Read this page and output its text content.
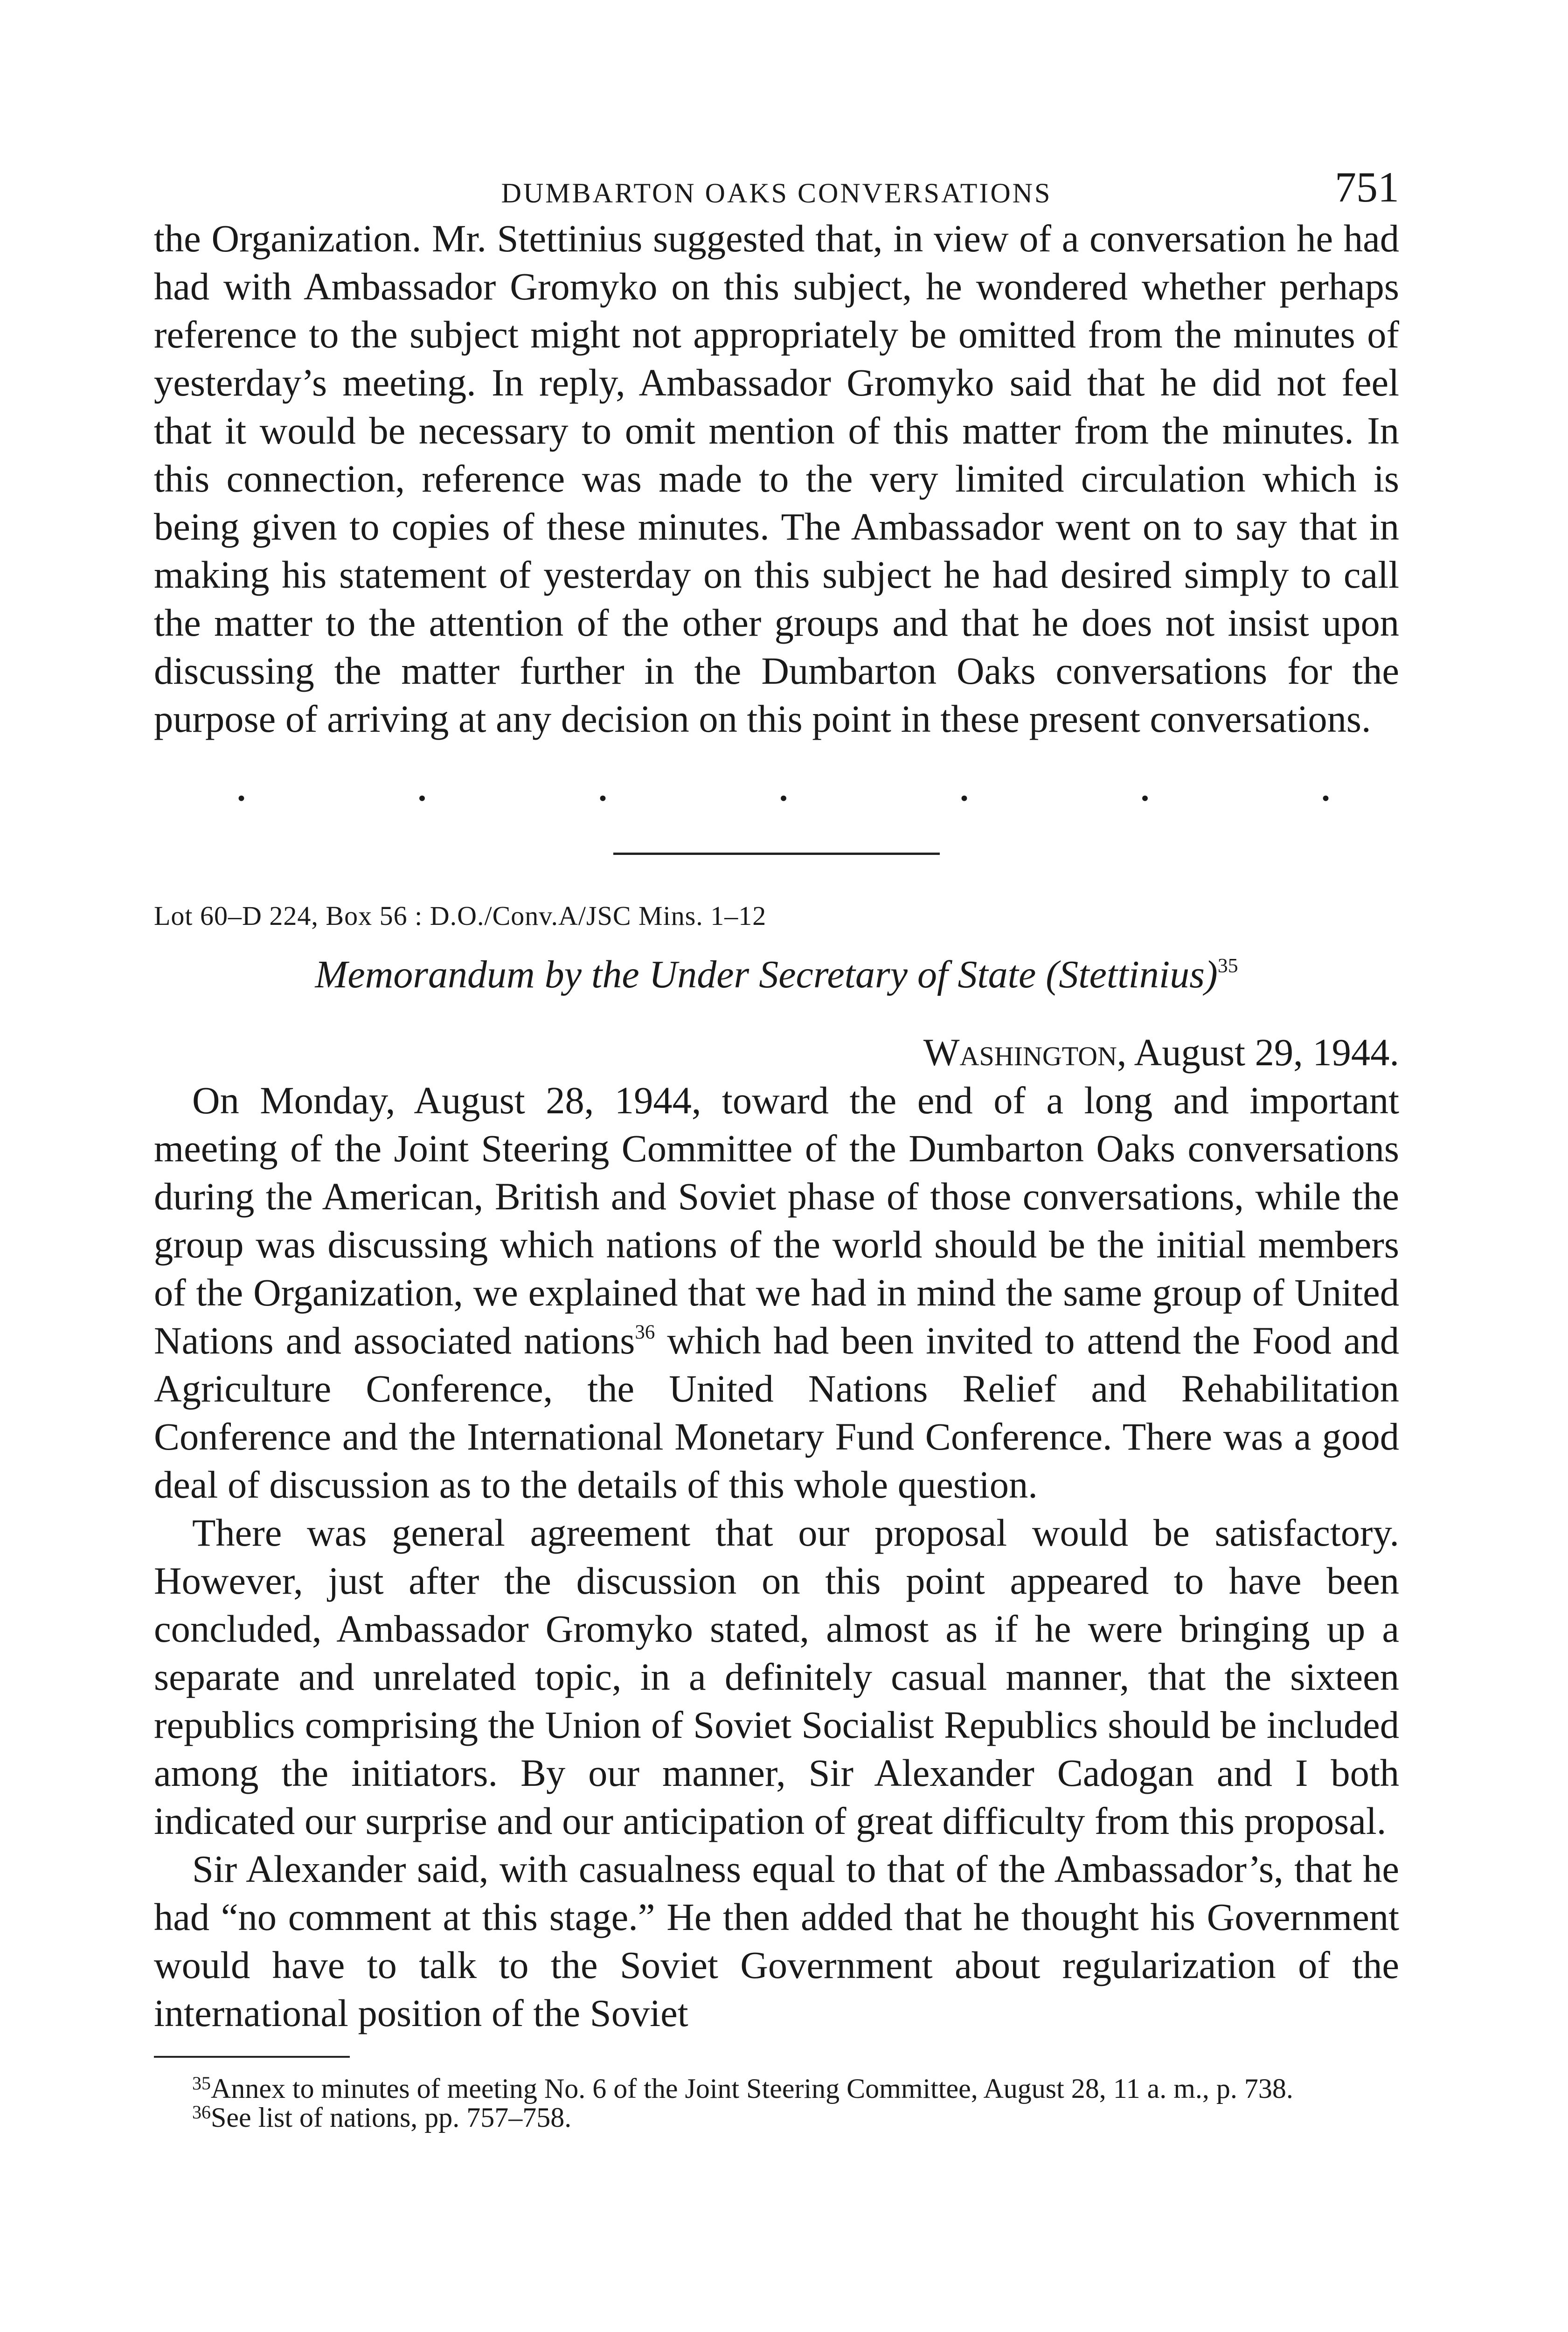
DUMBARTON OAKS CONVERSATIONS	751

the Organization. Mr. Stettinius suggested that, in view of a conversation he had had with Ambassador Gromyko on this subject, he wondered whether perhaps reference to the subject might not appropriately be omitted from the minutes of yesterday’s meeting. In reply, Ambassador Gromyko said that he did not feel that it would be necessary to omit mention of this matter from the minutes. In this connection, reference was made to the very limited circulation which is being given to copies of these minutes. The Ambassador went on to say that in making his statement of yesterday on this subject he had desired simply to call the matter to the attention of the other groups and that he does not insist upon discussing the matter further in the Dumbarton Oaks conversations for the purpose of arriving at any decision on this point in these present conversations.

.	.	.	.	.	.	.
Lot 60–D 224, Box 56 : D.O./Conv.A/JSC Mins. 1–12
Memorandum by the Under Secretary of State (Stettinius)$^{35}$
Washington, August 29, 1944.

On Monday, August 28, 1944, toward the end of a long and important meeting of the Joint Steering Committee of the Dumbarton Oaks conversations during the American, British and Soviet phase of those conversations, while the group was discussing which nations of the world should be the initial members of the Organization, we explained that we had in mind the same group of United Nations and associated nations$^{36}$ which had been invited to attend the Food and Agriculture Conference, the United Nations Relief and Rehabilitation Conference and the International Monetary Fund Conference. There was a good deal of discussion as to the details of this whole question.

There was general agreement that our proposal would be satisfactory. However, just after the discussion on this point appeared to have been concluded, Ambassador Gromyko stated, almost as if he were bringing up a separate and unrelated topic, in a definitely casual manner, that the sixteen republics comprising the Union of Soviet Socialist Republics should be included among the initiators. By our manner, Sir Alexander Cadogan and I both indicated our surprise and our anticipation of great difficulty from this proposal.

Sir Alexander said, with casualness equal to that of the Ambassador’s, that he had “no comment at this stage.” He then added that he thought his Government would have to talk to the Soviet Government about regularization of the international position of the Soviet

$^{35}$Annex to minutes of meeting No. 6 of the Joint Steering Committee, August 28, 11 a. m., p. 738.

$^{36}$See list of nations, pp. 757–758.
